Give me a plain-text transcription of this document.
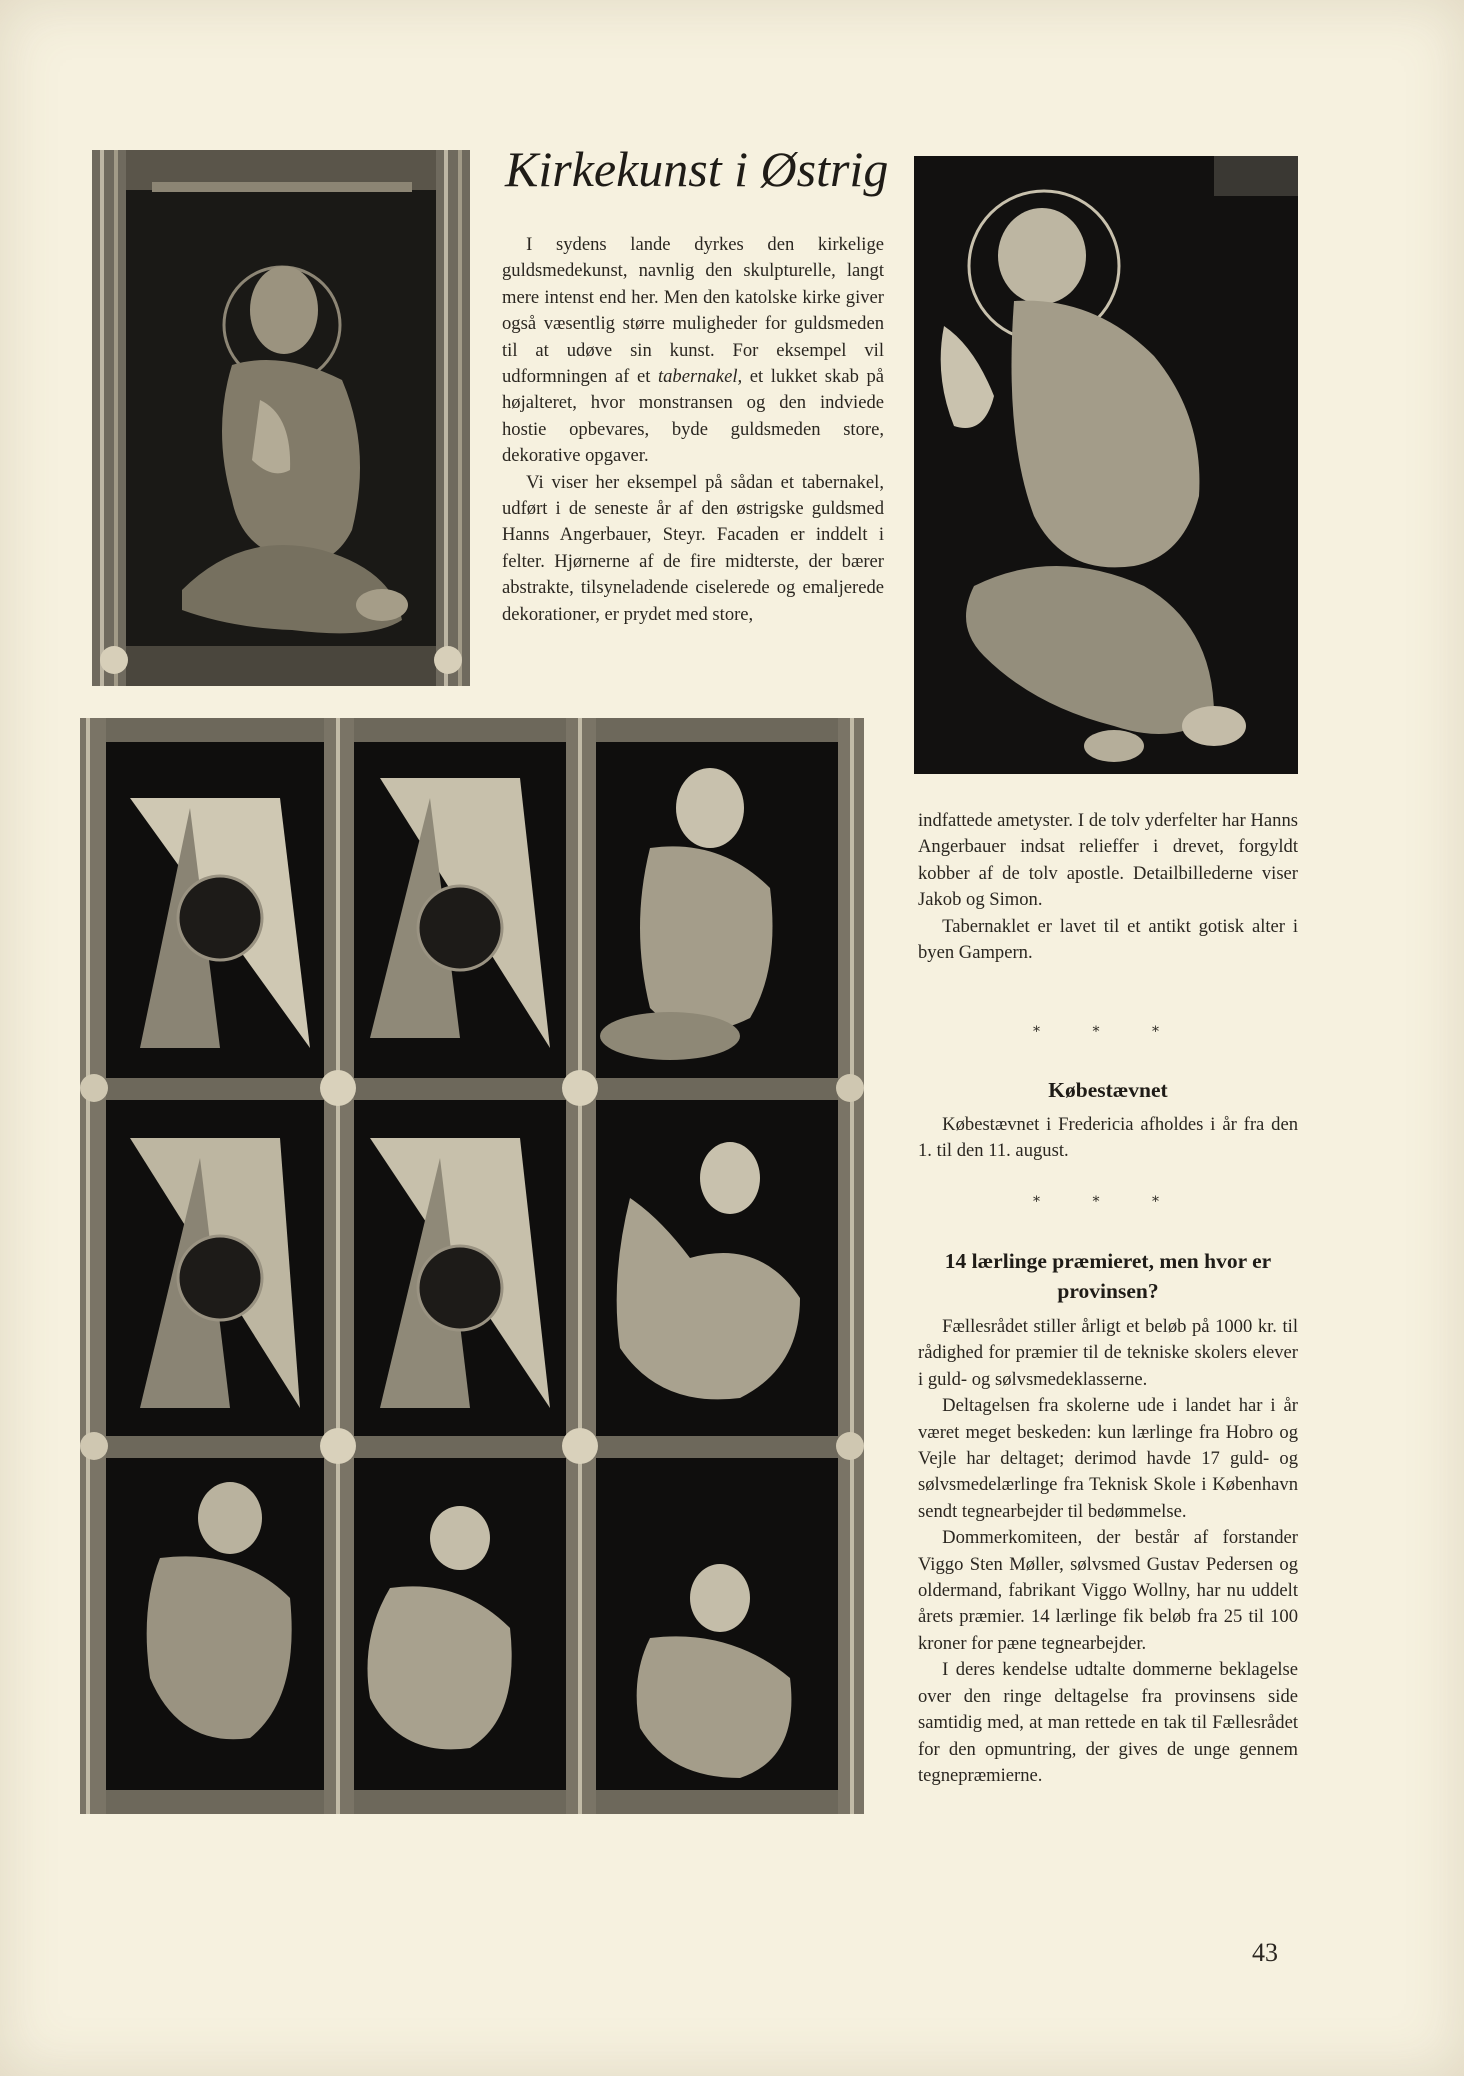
Kirkekunst i Østrig

I sydens lande dyrkes den kirkelige guldsmedekunst, navnlig den skulpturelle, langt mere intenst end her. Men den katolske kirke giver også væsentlig større muligheder for guldsmeden til at udøve sin kunst. For eksempel vil udformningen af et tabernakel, et lukket skab på højalteret, hvor monstransen og den indviede hostie opbevares, byde guldsmeden store, dekorative opgaver.

Vi viser her eksempel på sådan et tabernakel, udført i de seneste år af den østrigske guldsmed Hanns Angerbauer, Steyr. Facaden er inddelt i felter. Hjørnerne af de fire midterste, der bærer abstrakte, tilsyneladende ciselerede og emaljerede dekorationer, er prydet med store,

indfattede ametyster. I de tolv yderfelter har Hanns Angerbauer indsat relieffer i drevet, forgyldt kobber af de tolv apostle. Detailbillederne viser Jakob og Simon.

Tabernaklet er lavet til et antikt gotisk alter i byen Gampern.

* * *
Købestævnet

Købestævnet i Fredericia afholdes i år fra den 1. til den 11. august.

* * *
14 lærlinge præmieret, men hvor er provinsen?

Fællesrådet stiller årligt et beløb på 1000 kr. til rådighed for præmier til de tekniske skolers elever i guld- og sølvsmedeklasserne.

Deltagelsen fra skolerne ude i landet har i år været meget beskeden: kun lærlinge fra Hobro og Vejle har deltaget; derimod havde 17 guld- og sølvsmedelærlinge fra Teknisk Skole i København sendt tegnearbejder til bedømmelse.

Dommerkomiteen, der består af forstander Viggo Sten Møller, sølvsmed Gustav Pedersen og oldermand, fabrikant Viggo Wollny, har nu uddelt årets præmier. 14 lærlinge fik beløb fra 25 til 100 kroner for pæne tegnearbejder.

I deres kendelse udtalte dommerne beklagelse over den ringe deltagelse fra provinsens side samtidig med, at man rettede en tak til Fællesrådet for den opmuntring, der gives de unge gennem tegnepræmierne.

43
